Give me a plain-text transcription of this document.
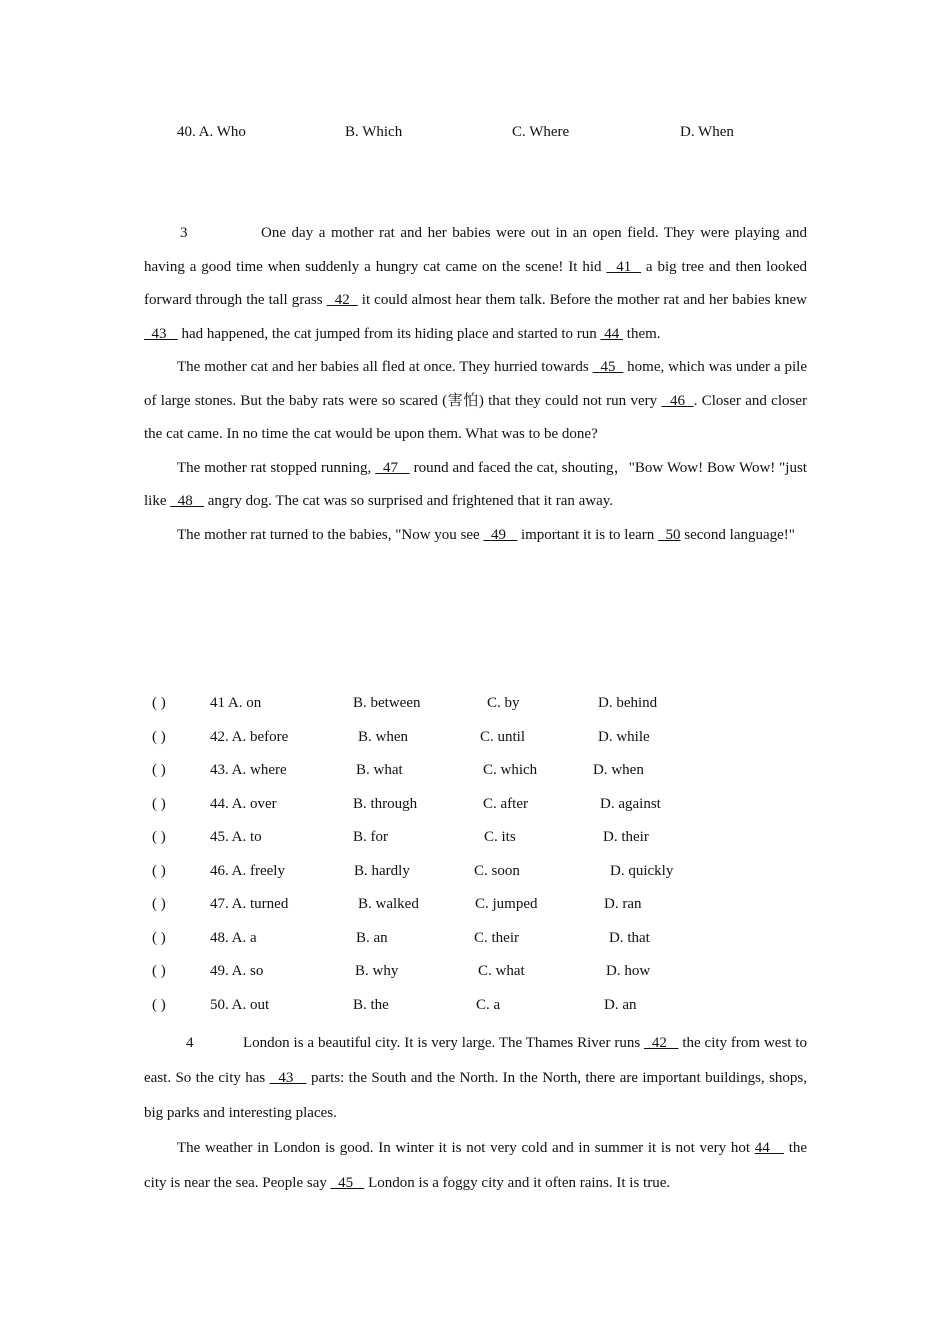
40. A. Who	B. Which	C. Where	D. When

3	One day a mother rat and her babies were out in an open field. They were playing and having a good time when suddenly a hungry cat came on the scene! It hid   41   a big tree and then looked forward through the tall grass   42   it could almost hear them talk. Before the mother rat and her babies knew   43    had happened, the cat jumped from its hiding place and started to run  44  them.

The mother cat and her babies all fled at once. They hurried towards   45   home, which was under a pile of large stones. But the baby rats were so scared (害怕) that they could not run very   46  . Closer and closer the cat came. In no time the cat would be upon them. What was to be done?

The mother rat stopped running,   47    round and faced the cat, shouting，"Bow Wow! Bow Wow! "just like   48    angry dog. The cat was so surprised and frightened that it ran away.

The mother rat turned to the babies, "Now you see   49    important it is to learn   50 second language!"

( )	41 A. on	B. between	C. by	D. behind
( )	42. A. before	B. when	C. until	D. while
( )	43. A. where	B. what	C. which	D. when
( )	44. A. over	B. through	C. after	D. against
( )	45. A. to	B. for	C. its	D. their
( )	46. A. freely	B. hardly	C. soon	D. quickly
( )	47. A. turned	B. walked	C. jumped	D. ran
( )	48. A. a	B. an	C. their	D. that
( )	49. A. so	B. why	C. what	D. how
( )	50. A. out	B. the	C. a	D. an

4	London is a beautiful city. It is very large. The Thames River runs   42    the city from west to east. So the city has   43    parts: the South and the North. In the North, there are important buildings, shops, big parks and interesting places.

The weather in London is good. In winter it is not very cold and in summer it is not very hot 44    the city is near the sea. People say   45    London is a foggy city and it often rains. It is true.
